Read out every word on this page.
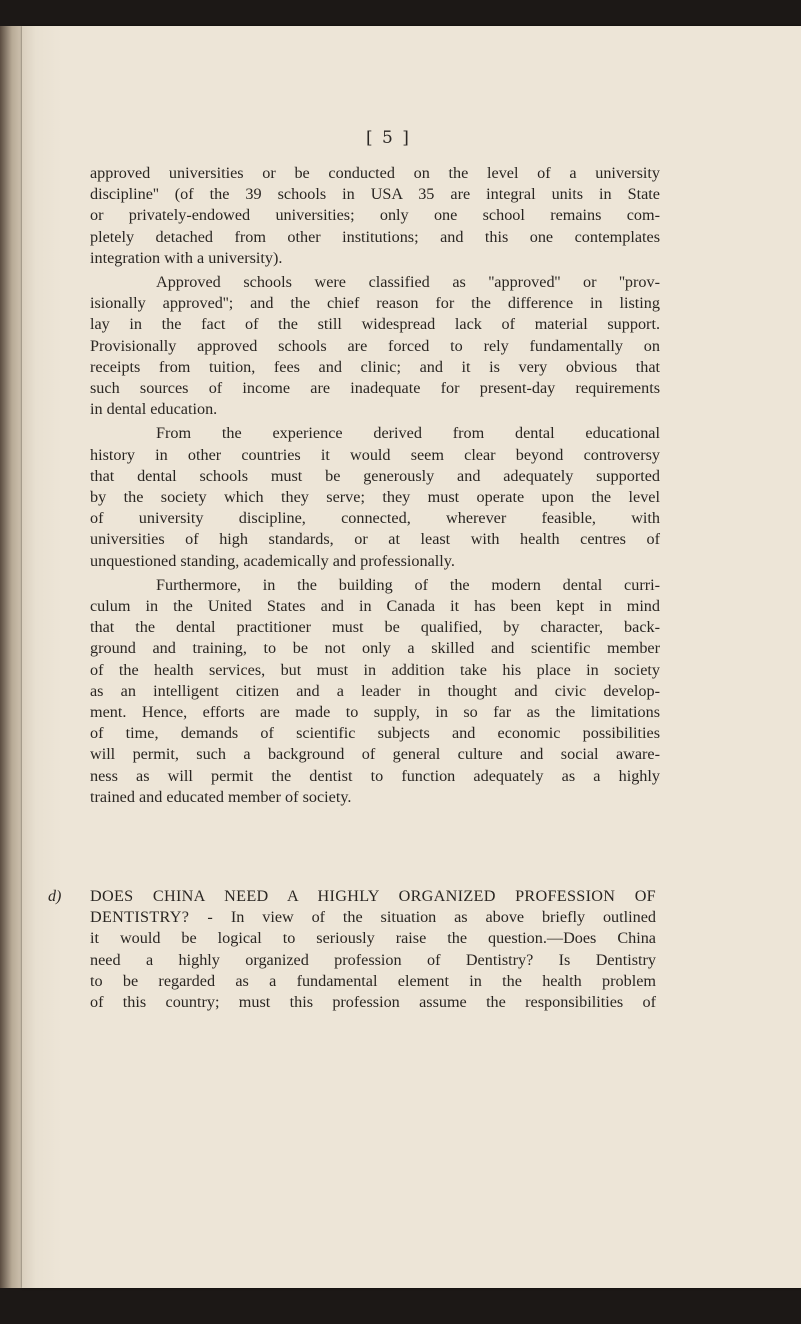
[ 5 ]
approved universities or be conducted on the level of a university
discipline'' (of the 39 schools in USA 35 are integral units in State
or privately-endowed universities; only one school remains com-
pletely detached from other institutions; and this one contemplates
integration with a university).
Approved schools were classified as ''approved'' or ''prov-
isionally approved''; and the chief reason for the difference in listing
lay in the fact of the still widespread lack of material support.
Provisionally approved schools are forced to rely fundamentally on
receipts from tuition, fees and clinic; and it is very obvious that
such sources of income are inadequate for present-day requirements
in dental education.
From the experience derived from dental educational
history in other countries it would seem clear beyond controversy
that dental schools must be generously and adequately supported
by the society which they serve; they must operate upon the level
of university discipline, connected, wherever feasible, with
universities of high standards, or at least with health centres of
unquestioned standing, academically and professionally.
Furthermore, in the building of the modern dental curri-
culum in the United States and in Canada it has been kept in mind
that the dental practitioner must be qualified, by character, back-
ground and training, to be not only a skilled and scientific member
of the health services, but must in addition take his place in society
as an intelligent citizen and a leader in thought and civic develop-
ment. Hence, efforts are made to supply, in so far as the limitations
of time, demands of scientific subjects and economic possibilities
will permit, such a background of general culture and social aware-
ness as will permit the dentist to function adequately as a highly
trained and educated member of society.
d) DOES CHINA NEED A HIGHLY ORGANIZED PROFESSION OF
DENTISTRY? - In view of the situation as above briefly outlined
it would be logical to seriously raise the question.—Does China
need a highly organized profession of Dentistry? Is Dentistry
to be regarded as a fundamental element in the health problem
of this country; must this profession assume the responsibilities of
